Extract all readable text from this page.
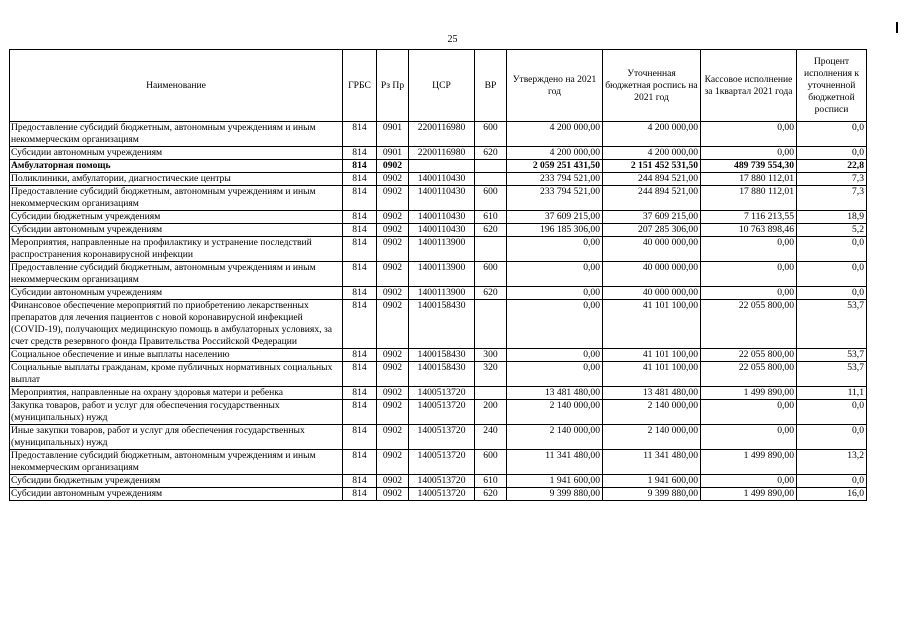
25
Наименование	ГРБС	Рз Пр	ЦСР	ВР	Утверждено на 2021 год	Уточненная бюджетная роспись на 2021 год	Кассовое исполнение за 1квартал 2021 года	Процент исполнения к уточненной бюджетной росписи
Предоставление субсидий бюджетным, автономным учреждениям и иным некоммерческим организациям	814	0901	2200116980	600	4 200 000,00	4 200 000,00	0,00	0,0
Субсидии автономным учреждениям	814	0901	2200116980	620	4 200 000,00	4 200 000,00	0,00	0,0
Амбулаторная помощь	814	0902			2 059 251 431,50	2 151 452 531,50	489 739 554,30	22,8
Поликлиники, амбулатории, диагностические центры	814	0902	1400110430		233 794 521,00	244 894 521,00	17 880 112,01	7,3
Предоставление субсидий бюджетным, автономным учреждениям и иным некоммерческим организациям	814	0902	1400110430	600	233 794 521,00	244 894 521,00	17 880 112,01	7,3
Субсидии бюджетным учреждениям	814	0902	1400110430	610	37 609 215,00	37 609 215,00	7 116 213,55	18,9
Субсидии автономным учреждениям	814	0902	1400110430	620	196 185 306,00	207 285 306,00	10 763 898,46	5,2
Мероприятия, направленные на профилактику и устранение последствий распространения коронавирусной инфекции	814	0902	1400113900		0,00	40 000 000,00	0,00	0,0
Предоставление субсидий бюджетным, автономным учреждениям и иным некоммерческим организациям	814	0902	1400113900	600	0,00	40 000 000,00	0,00	0,0
Субсидии автономным учреждениям	814	0902	1400113900	620	0,00	40 000 000,00	0,00	0,0
Финансовое обеспечение мероприятий по приобретению лекарственных препаратов для лечения пациентов с новой коронавирусной инфекцией (COVID-19), получающих медицинскую помощь в амбулаторных условиях, за счет средств резервного фонда Правительства Российской Федерации	814	0902	1400158430		0,00	41 101 100,00	22 055 800,00	53,7
Социальное обеспечение и иные выплаты населению	814	0902	1400158430	300	0,00	41 101 100,00	22 055 800,00	53,7
Социальные выплаты гражданам, кроме публичных нормативных социальных выплат	814	0902	1400158430	320	0,00	41 101 100,00	22 055 800,00	53,7
Мероприятия, направленные на охрану здоровья матери и ребенка	814	0902	1400513720		13 481 480,00	13 481 480,00	1 499 890,00	11,1
Закупка товаров, работ и услуг для обеспечения государственных (муниципальных) нужд	814	0902	1400513720	200	2 140 000,00	2 140 000,00	0,00	0,0
Иные закупки товаров, работ и услуг для обеспечения государственных (муниципальных) нужд	814	0902	1400513720	240	2 140 000,00	2 140 000,00	0,00	0,0
Предоставление субсидий бюджетным, автономным учреждениям и иным некоммерческим организациям	814	0902	1400513720	600	11 341 480,00	11 341 480,00	1 499 890,00	13,2
Субсидии бюджетным учреждениям	814	0902	1400513720	610	1 941 600,00	1 941 600,00	0,00	0,0
Субсидии автономным учреждениям	814	0902	1400513720	620	9 399 880,00	9 399 880,00	1 499 890,00	16,0
